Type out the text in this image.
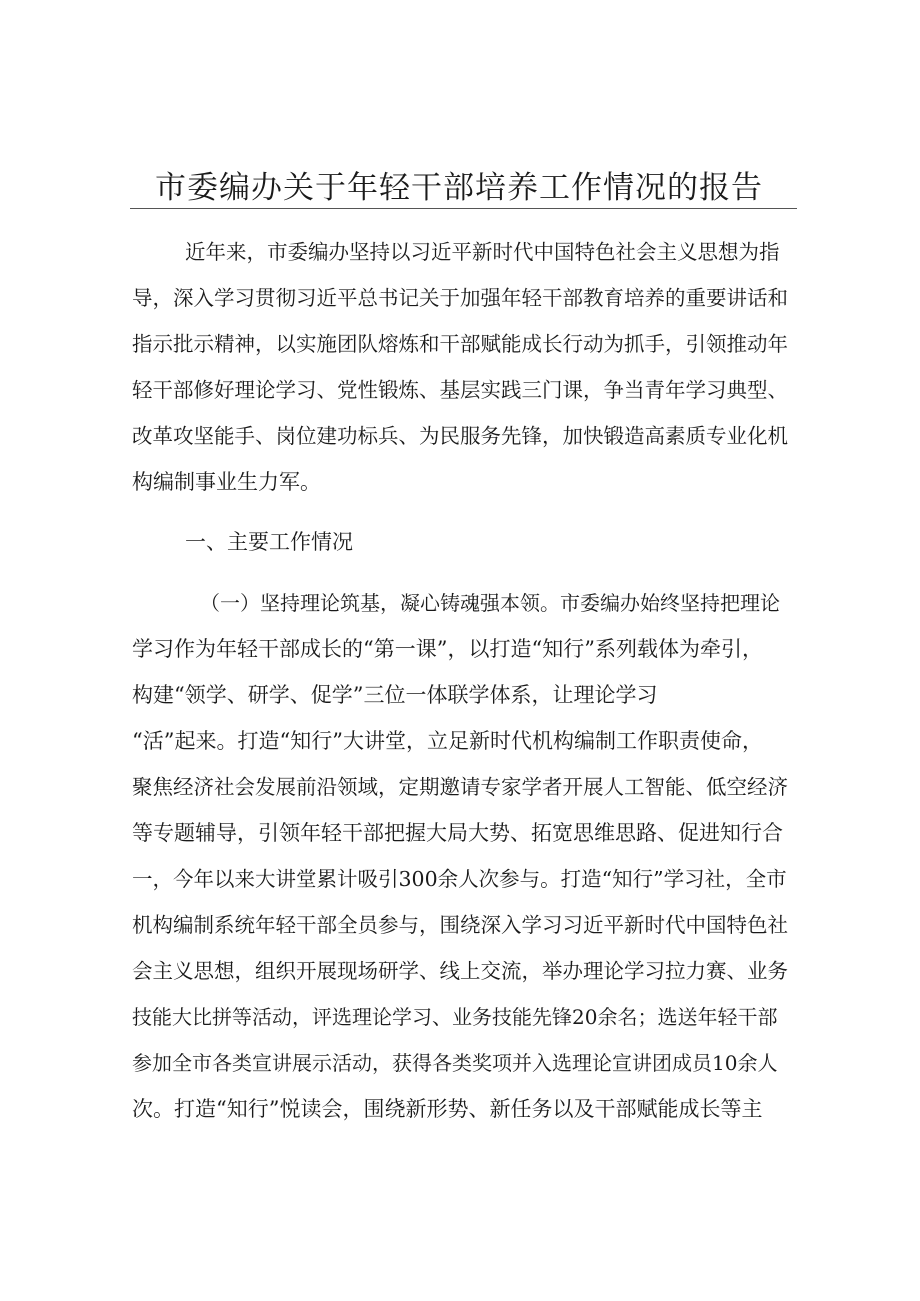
市委编办关于年轻干部培养工作情况的报告

近年来，市委编办坚持以习近平新时代中国特色社会主义思想为指

导，深入学习贯彻习近平总书记关于加强年轻干部教育培养的重要讲话和

指示批示精神，以实施团队熔炼和干部赋能成长行动为抓手，引领推动年

轻干部修好理论学习、党性锻炼、基层实践三门课，争当青年学习典型、

改革攻坚能手、岗位建功标兵、为民服务先锋，加快锻造高素质专业化机

构编制事业生力军。

一、主要工作情况

（一）坚持理论筑基，凝心铸魂强本领。市委编办始终坚持把理论

学习作为年轻干部成长的“第一课”，以打造“知行”系列载体为牵引，

构建“领学、研学、促学”三位一体联学体系，让理论学习

“活”起来。打造“知行”大讲堂，立足新时代机构编制工作职责使命，

聚焦经济社会发展前沿领域，定期邀请专家学者开展人工智能、低空经济

等专题辅导，引领年轻干部把握大局大势、拓宽思维思路、促进知行合

一，今年以来大讲堂累计吸引300余人次参与。打造“知行”学习社，全市

机构编制系统年轻干部全员参与，围绕深入学习习近平新时代中国特色社

会主义思想，组织开展现场研学、线上交流，举办理论学习拉力赛、业务

技能大比拼等活动，评选理论学习、业务技能先锋20余名；选送年轻干部

参加全市各类宣讲展示活动，获得各类奖项并入选理论宣讲团成员10余人

次。打造“知行”悦读会，围绕新形势、新任务以及干部赋能成长等主
